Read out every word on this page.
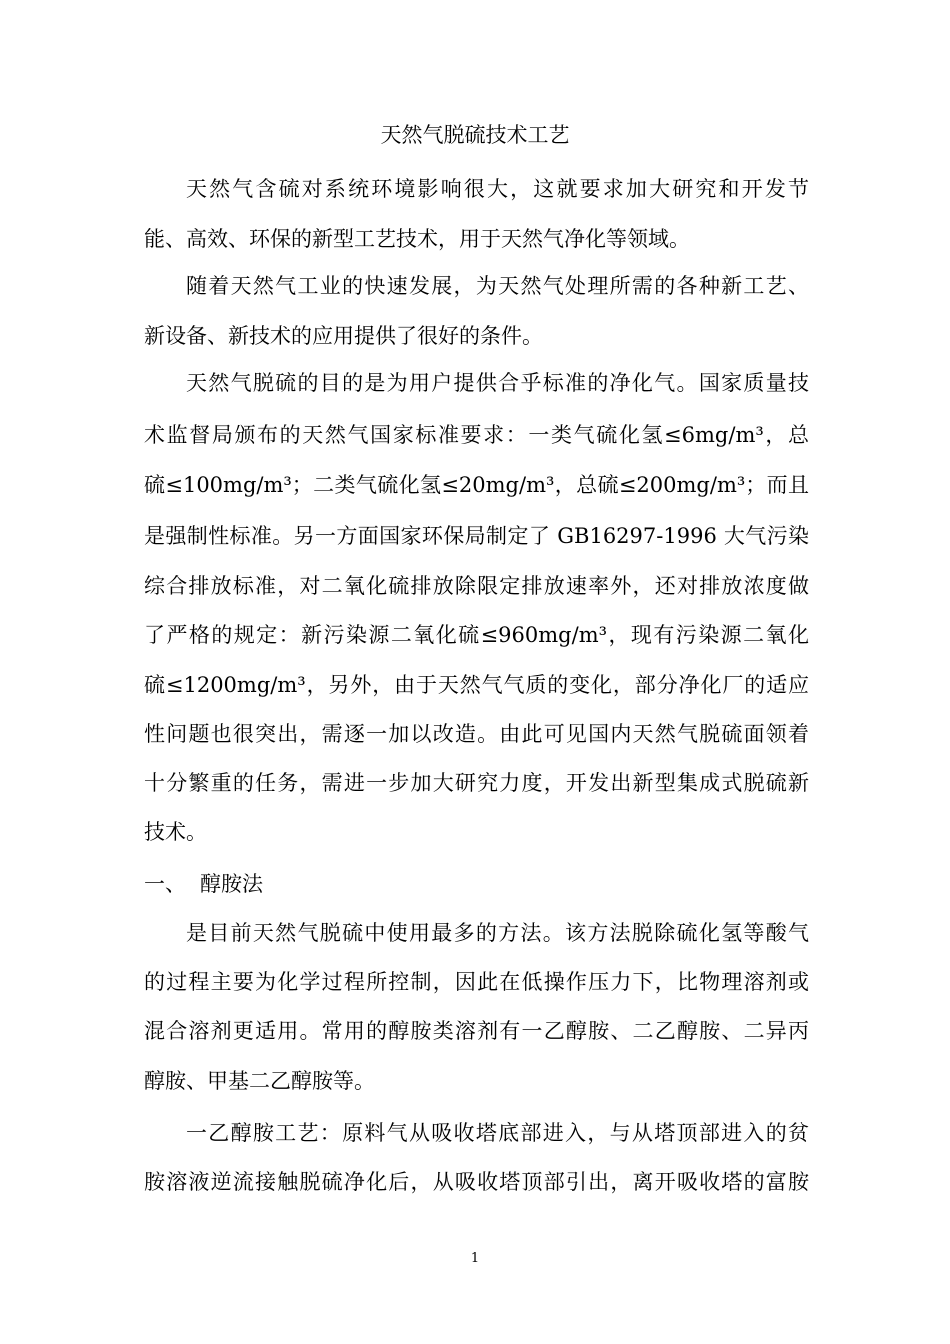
天然气脱硫技术工艺
天然气含硫对系统环境影响很大，这就要求加大研究和开发节
能、高效、环保的新型工艺技术，用于天然气净化等领域。
随着天然气工业的快速发展，为天然气处理所需的各种新工艺、
新设备、新技术的应用提供了很好的条件。
天然气脱硫的目的是为用户提供合乎标准的净化气。国家质量技
术监督局颁布的天然气国家标准要求：一类气硫化氢≤6mg/m³，总
硫≤100mg/m³；二类气硫化氢≤20mg/m³，总硫≤200mg/m³；而且
是强制性标准。另一方面国家环保局制定了 GB16297-1996 大气污染
综合排放标准，对二氧化硫排放除限定排放速率外，还对排放浓度做
了严格的规定：新污染源二氧化硫≤960mg/m³，现有污染源二氧化
硫≤1200mg/m³，另外，由于天然气气质的变化，部分净化厂的适应
性问题也很突出，需逐一加以改造。由此可见国内天然气脱硫面领着
十分繁重的任务，需进一步加大研究力度，开发出新型集成式脱硫新
技术。
一、 醇胺法
是目前天然气脱硫中使用最多的方法。该方法脱除硫化氢等酸气
的过程主要为化学过程所控制，因此在低操作压力下，比物理溶剂或
混合溶剂更适用。常用的醇胺类溶剂有一乙醇胺、二乙醇胺、二异丙
醇胺、甲基二乙醇胺等。
一乙醇胺工艺：原料气从吸收塔底部进入，与从塔顶部进入的贫
胺溶液逆流接触脱硫净化后，从吸收塔顶部引出，离开吸收塔的富胺
1
